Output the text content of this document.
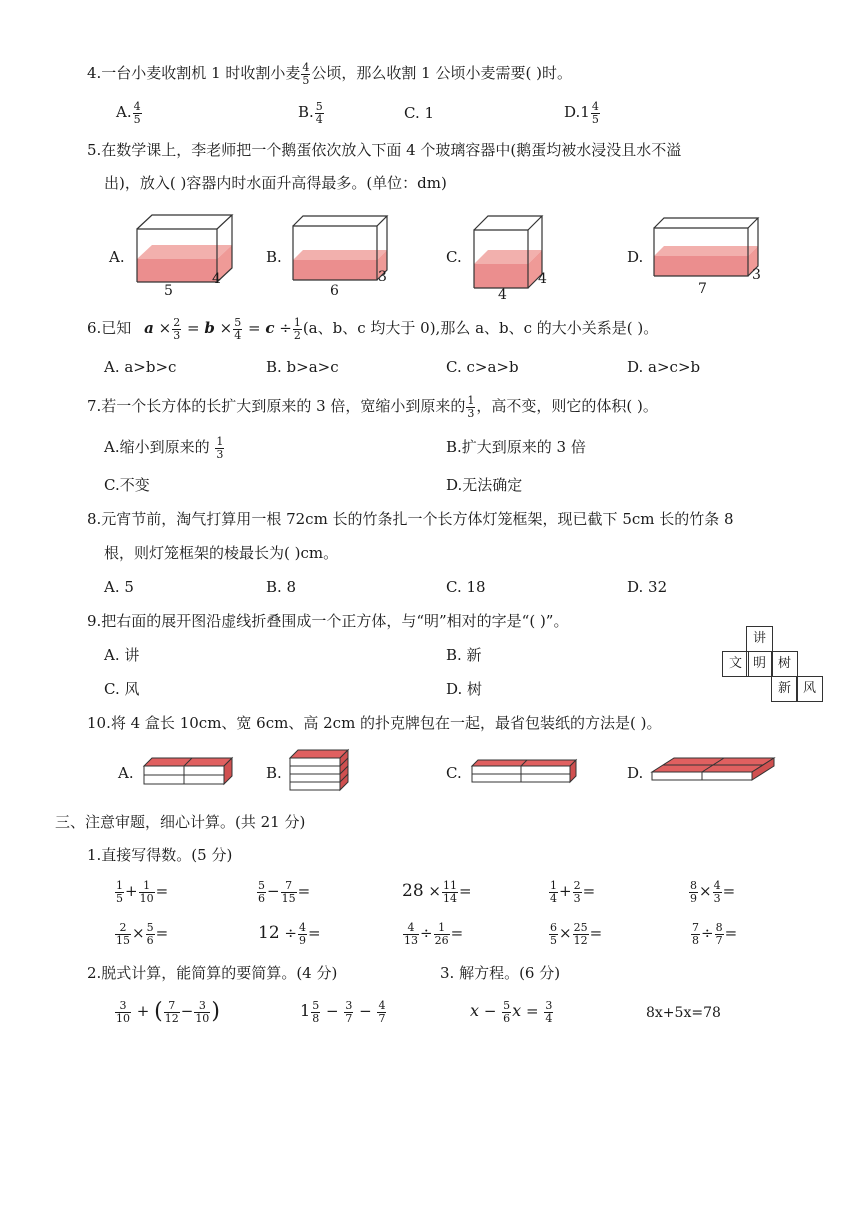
4.一台小麦收割机 1 时收割小麦 $\frac{4}{5}$ 公顷，那么收割 1 公顷小麦需要( )时。
A. $\frac{4}{5}$	B. $\frac{5}{4}$	C. 1	$D.1 \frac{4}{5}$
5.在数学课上，李老师把一个鹅蛋依次放入下面 4 个玻璃容器中(鹅蛋均被水浸没且水不溢
出)，放入( )容器内时水面升高得最多。(单位：dm)
A.
5
4
B.
6
3
C.
4
4
D.
7
3
6.已知 $a \times \frac{2}{3} = b \times \frac{5}{4} = c \div \frac{1}{2} (a$、b、c 均大于 0),那么 a、b、c 的大小关系是( )。
A. a>b>c	B. b>a>c	C. c>a>b	D. a>c>b
7.若一个长方体的长扩大到原来的 3 倍，宽缩小到原来的 $\frac{1}{3}$ ，高不变，则它的体积( )。
A.缩小到原来的 $\frac{1}{3}$	B.扩大到原来的 3 倍
C.不变	D.无法确定
8.元宵节前，淘气打算用一根 72cm 长的竹条扎一个长方体灯笼框架，现已截下 5cm 长的竹条 8
根，则灯笼框架的棱最长为( )cm。
A. 5	B. 8	C. 18	D. 32
9.把右面的展开图沿虚线折叠围成一个正方体，与“明”相对的字是“( )”。
A. 讲	B. 新
C. 风	D. 树
讲
文 明 树
新 风
10.将 4 盒长 10cm、宽 6cm、高 2cm 的扑克牌包在一起，最省包装纸的方法是( )。
A.	B.	C.	D.
三、注意审题，细心计算。(共 21 分)
1.直接写得数。(5 分)
$\frac{1}{5} + \frac{1}{10}$ =	$\frac{5}{6} - \frac{7}{15}$ =	$28 \times \frac{11}{14}$ =	$\frac{1}{4} + \frac{2}{3}$ =	$\frac{8}{9} \times \frac{4}{3}$ =
$\frac{2}{15} \times \frac{5}{6}$ =	$12 \div \frac{4}{9}$ =	$\frac{4}{13} \div \frac{1}{26}$ =	$\frac{6}{5} \times \frac{25}{12}$ =	$\frac{7}{8} \div \frac{8}{7}$ =
2.脱式计算，能简算的要简算。(4 分)	3. 解方程。(6 分)
$\frac{3}{10}$ + ( $\frac{7}{12} - \frac{3}{10}$ )	$1 \frac{5}{8} - \frac{3}{7} - \frac{4}{7}$	$x - \frac{5}{6}$ $x = \frac{3}{4}$	8x+5x=78
